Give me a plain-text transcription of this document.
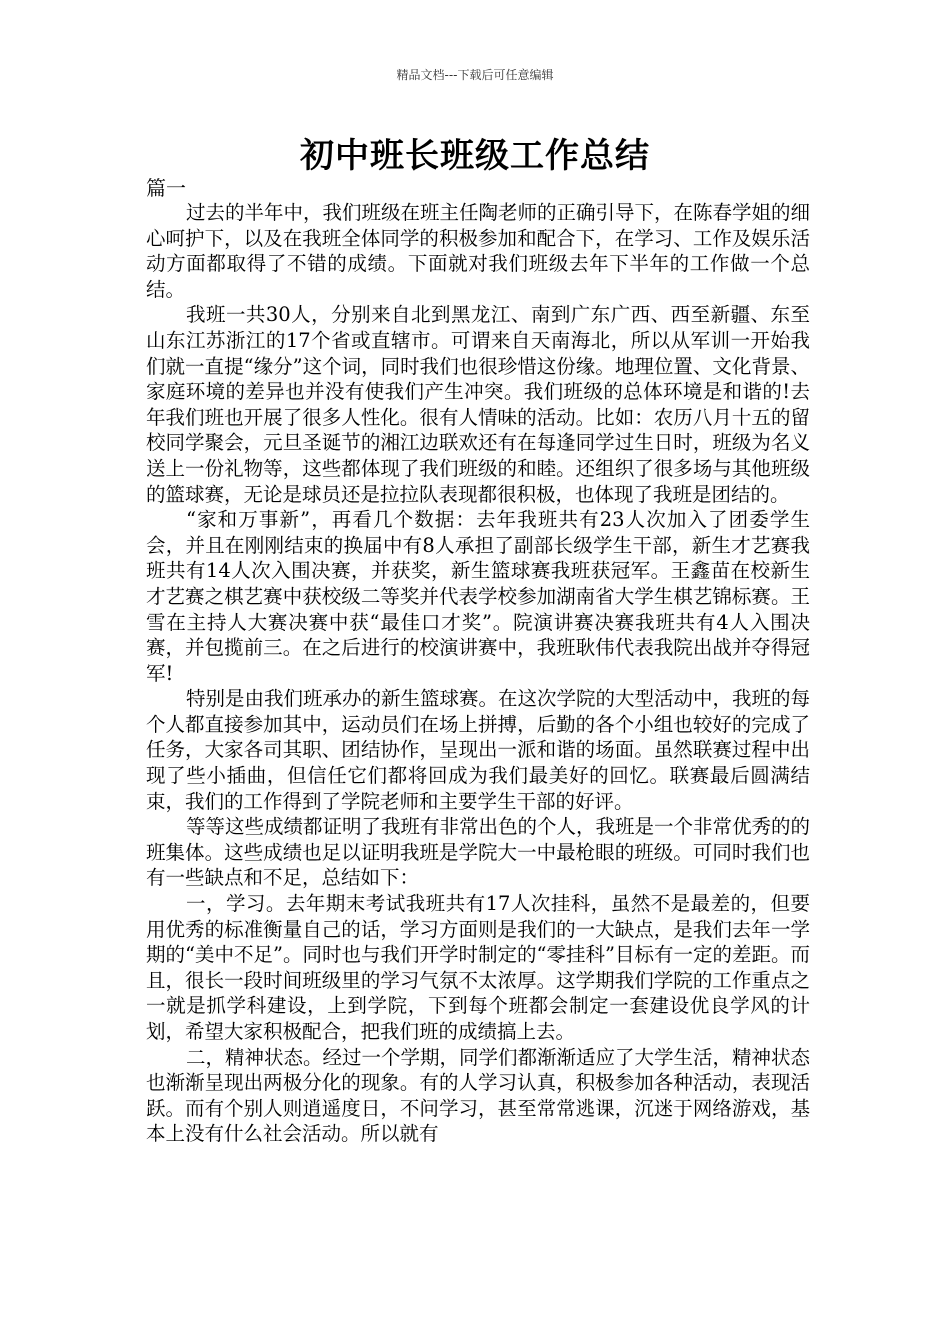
精品文档---下载后可任意编辑
初中班长班级工作总结
篇一

过去的半年中，我们班级在班主任陶老师的正确引导下，在陈春学姐的细心呵护下，以及在我班全体同学的积极参加和配合下，在学习、工作及娱乐活动方面都取得了不错的成绩。下面就对我们班级去年下半年的工作做一个总结。

我班一共30人，分别来自北到黑龙江、南到广东广西、西至新疆、东至山东江苏浙江的17个省或直辖市。可谓来自天南海北，所以从军训一开始我们就一直提“缘分”这个词，同时我们也很珍惜这份缘。地理位置、文化背景、家庭环境的差异也并没有使我们产生冲突。我们班级的总体环境是和谐的!去年我们班也开展了很多人性化。很有人情味的活动。比如：农历八月十五的留校同学聚会，元旦圣诞节的湘江边联欢还有在每逢同学过生日时，班级为名义送上一份礼物等，这些都体现了我们班级的和睦。还组织了很多场与其他班级的篮球赛，无论是球员还是拉拉队表现都很积极，也体现了我班是团结的。

“家和万事新”，再看几个数据：去年我班共有23人次加入了团委学生会，并且在刚刚结束的换届中有8人承担了副部长级学生干部，新生才艺赛我班共有14人次入围决赛，并获奖，新生篮球赛我班获冠军。王鑫苗在校新生才艺赛之棋艺赛中获校级二等奖并代表学校参加湖南省大学生棋艺锦标赛。王雪在主持人大赛决赛中获“最佳口才奖”。院演讲赛决赛我班共有4人入围决赛，并包揽前三。在之后进行的校演讲赛中，我班耿伟代表我院出战并夺得冠军!

特别是由我们班承办的新生篮球赛。在这次学院的大型活动中，我班的每个人都直接参加其中，运动员们在场上拼搏，后勤的各个小组也较好的完成了任务，大家各司其职、团结协作，呈现出一派和谐的场面。虽然联赛过程中出现了些小插曲，但信任它们都将回成为我们最美好的回忆。联赛最后圆满结束，我们的工作得到了学院老师和主要学生干部的好评。

等等这些成绩都证明了我班有非常出色的个人，我班是一个非常优秀的的班集体。这些成绩也足以证明我班是学院大一中最枪眼的班级。可同时我们也有一些缺点和不足，总结如下：

一，学习。去年期末考试我班共有17人次挂科，虽然不是最差的，但要用优秀的标准衡量自己的话，学习方面则是我们的一大缺点，是我们去年一学期的“美中不足”。同时也与我们开学时制定的“零挂科”目标有一定的差距。而且，很长一段时间班级里的学习气氛不太浓厚。这学期我们学院的工作重点之一就是抓学科建设，上到学院，下到每个班都会制定一套建设优良学风的计划，希望大家积极配合，把我们班的成绩搞上去。

二，精神状态。经过一个学期，同学们都渐渐适应了大学生活，精神状态也渐渐呈现出两极分化的现象。有的人学习认真，积极参加各种活动，表现活跃。而有个别人则逍遥度日，不问学习，甚至常常逃课，沉迷于网络游戏，基本上没有什么社会活动。所以就有
